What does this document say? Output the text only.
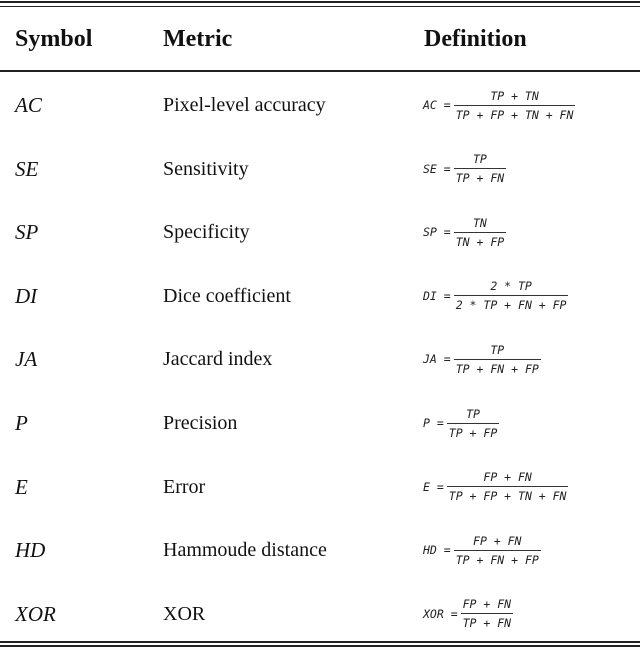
Symbol	Metric	Definition
AC	Pixel-level accuracy	AC = $\frac{TP + TN}{TP + FP + TN + FN}$
SE	Sensitivity	SE = $\frac{TP}{TP + FN}$
SP	Specificity	SP = $\frac{TN}{TN + FP}$
DI	Dice coefficient	DI = $\frac{2 * TP}{2 * TP + FN + FP}$
JA	Jaccard index	JA = $\frac{TP}{TP + FN + FP}$
P	Precision	$P = \frac{TP}{TP + FP}$
E	Error	$E = \frac{FP + FN}{TP + FP + TN + FN}$
HD	Hammoude distance	HD = $\frac{FP + FN}{TP + FN + FP}$
XOR	XOR	XOR = $\frac{FP + FN}{TP + FN}$
